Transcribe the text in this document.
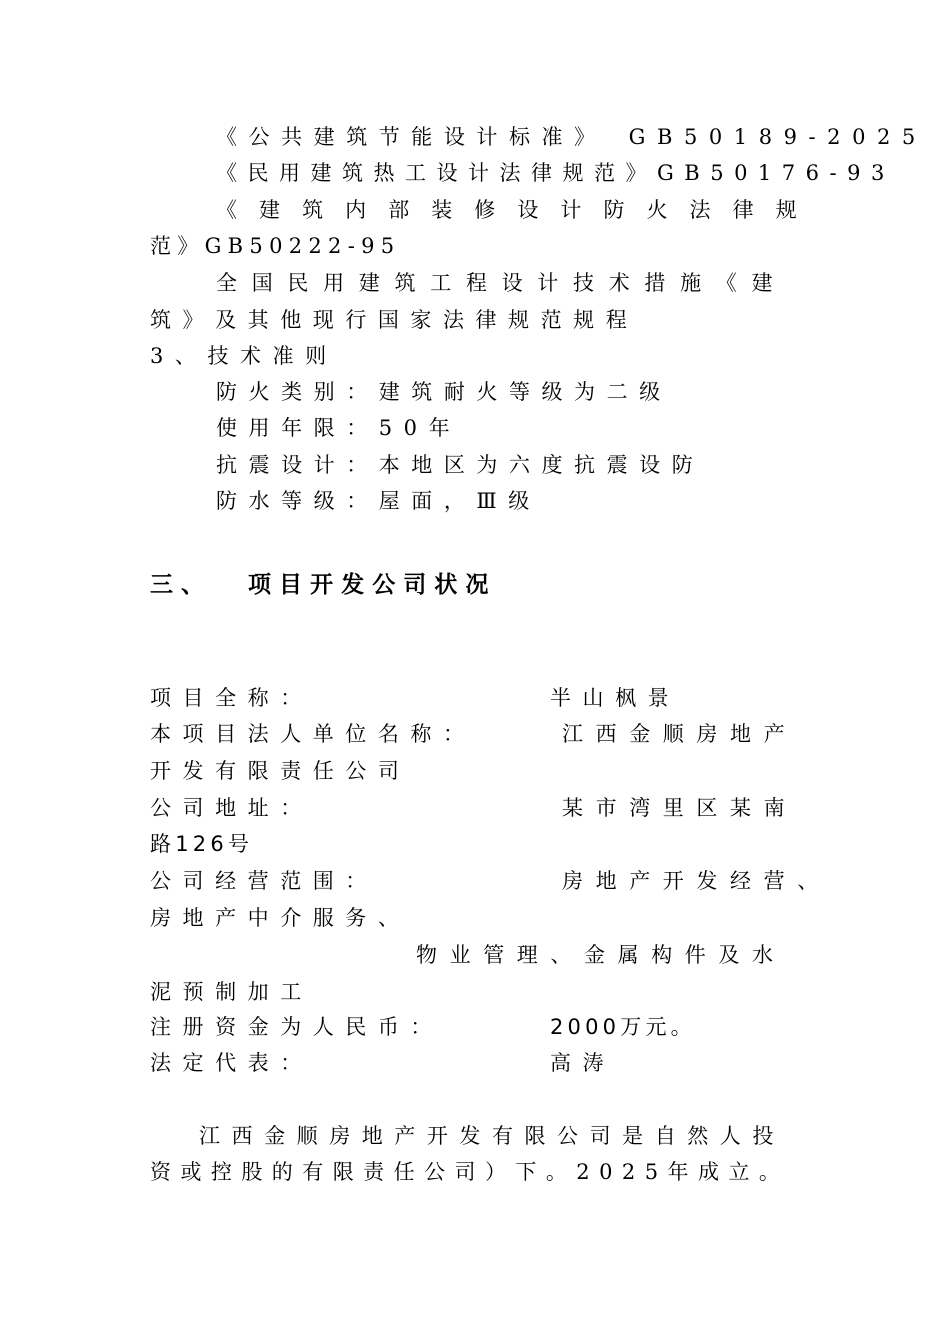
《公共建筑节能设计标准》　GB50189-2025
《民用建筑热工设计法律规范》GB50176-93
《建筑内部装修设计防火法律规
范》GB50222-95
全国民用建筑工程设计技术措施《建
筑》及其他现行国家法律规范规程
3、技术准则
防火类别：建筑耐火等级为二级
使用年限：50年
抗震设计：本地区为六度抗震设防
防水等级：屋面，Ⅲ级
三、 项目开发公司状况
项目全称：	半山枫景
本项目法人单位名称：	江西金顺房地产
开发有限责任公司
公司地址：	某市湾里区某南
路126号
公司经营范围：	房地产开发经营、
房地产中介服务、
物业管理、金属构件及水
泥预制加工
注册资金为人民币：	2000万元。
法定代表：	高涛
江西金顺房地产开发有限公司是自然人投
资或控股的有限责任公司）下。2025年成立。
